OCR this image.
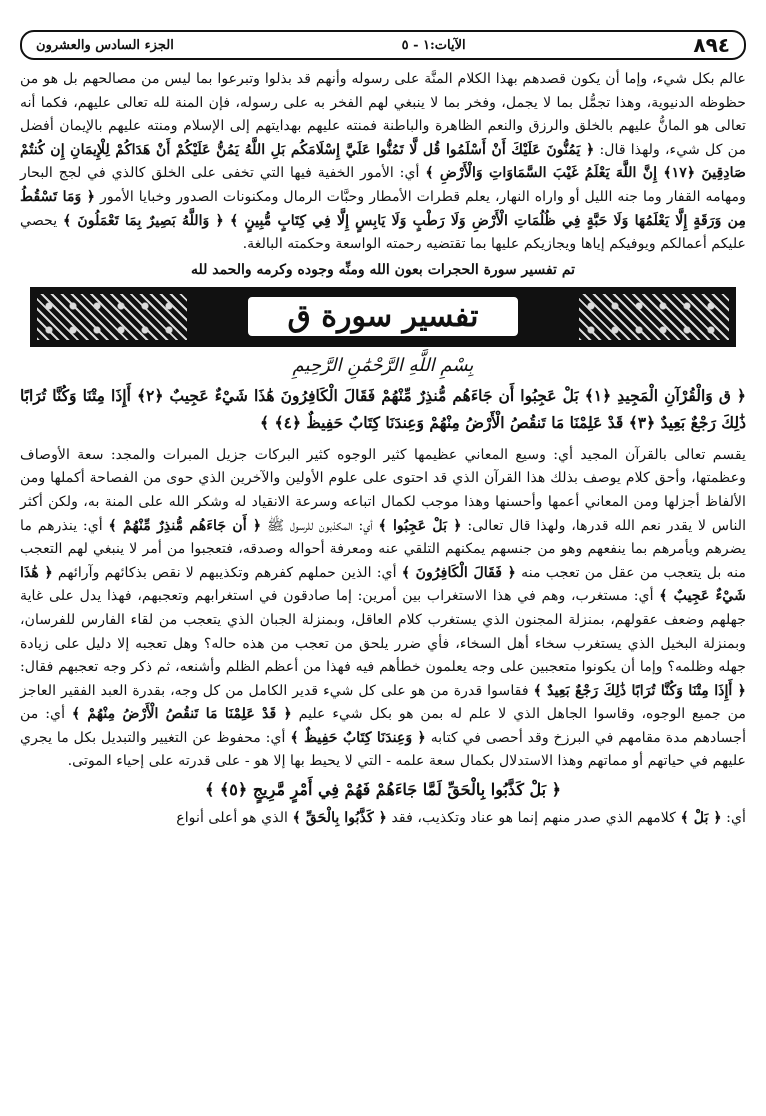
٨٩٤
الآيات:١ - ٥
الجزء السادس والعشرون

عالم بكل شيء، وإما أن يكون قصدهم بهذا الكلام المنَّة على رسوله وأنهم قد بذلوا وتبرعوا بما ليس من مصالحهم بل هو من حظوظه الدنيوية، وهذا تجمُّل بما لا يجمل، وفخر بما لا ينبغي لهم الفخر به على رسوله، فإن المنة لله تعالى عليهم، فكما أنه تعالى هو المانُّ عليهم بالخلق والرزق والنعم الظاهرة والباطنة فمنته عليهم بهدايتهم إلى الإسلام ومنته عليهم بالإيمان أفضل من كل شيء، ولهذا قال: ﴿ يَمُنُّونَ عَلَيْكَ أَنْ أَسْلَمُوا قُل لَّا تَمُنُّوا عَلَيَّ إِسْلَامَكُم بَلِ اللَّهُ يَمُنُّ عَلَيْكُمْ أَنْ هَدَاكُمْ لِلْإِيمَانِ إِن كُنتُمْ صَادِقِينَ ﴿١٧﴾ إِنَّ اللَّهَ يَعْلَمُ غَيْبَ السَّمَاوَاتِ وَالْأَرْضِ ﴾ أي: الأمور الخفية فيها التي تخفى على الخلق كالذي في لجج البحار ومهامه القفار وما جنه الليل أو واراه النهار، يعلم قطرات الأمطار وحبَّات الرمال ومكنونات الصدور وخبايا الأمور ﴿ وَمَا تَسْقُطُ مِن وَرَقَةٍ إِلَّا يَعْلَمُهَا وَلَا حَبَّةٍ فِي ظُلُمَاتِ الْأَرْضِ وَلَا رَطْبٍ وَلَا يَابِسٍ إِلَّا فِي كِتَابٍ مُّبِينٍ ﴾ ﴿ وَاللَّهُ بَصِيرٌ بِمَا تَعْمَلُونَ ﴾ يحصي عليكم أعمالكم ويوفيكم إياها ويجازيكم عليها بما تقتضيه رحمته الواسعة وحكمته البالغة.

تم تفسير سورة الحجرات بعون الله ومنِّه وجوده وكرمه والحمد لله
تفسير سورة ق
بِسْمِ اللَّهِ الرَّحْمَٰنِ الرَّحِيمِ
﴿ ق وَالْقُرْآنِ الْمَجِيدِ ﴿١﴾ بَلْ عَجِبُوا أَن جَاءَهُم مُّنذِرٌ مِّنْهُمْ فَقَالَ الْكَافِرُونَ هَٰذَا شَيْءٌ عَجِيبٌ ﴿٢﴾ أَإِذَا مِتْنَا وَكُنَّا تُرَابًا ذَٰلِكَ رَجْعٌ بَعِيدٌ ﴿٣﴾ قَدْ عَلِمْنَا مَا تَنقُصُ الْأَرْضُ مِنْهُمْ وَعِندَنَا كِتَابٌ حَفِيظٌ ﴿٤﴾ ﴾

يقسم تعالى بالقرآن المجيد أي: وسيع المعاني عظيمها كثير الوجوه كثير البركات جزيل المبرات والمجد: سعة الأوصاف وعظمتها، وأحق كلام يوصف بذلك هذا القرآن الذي قد احتوى على علوم الأولين والآخرين الذي حوى من الفصاحة أكملها ومن الألفاظ أجزلها ومن المعاني أعمها وأحسنها وهذا موجب لكمال اتباعه وسرعة الانقياد له وشكر الله على المنة به، ولكن أكثر الناس لا يقدر نعم الله قدرها، ولهذا قال تعالى: ﴿ بَلْ عَجِبُوا ﴾ أي: المكذبون للرسول ﷺ ﴿ أَن جَاءَهُم مُّنذِرٌ مِّنْهُمْ ﴾ أي: ينذرهم ما يضرهم ويأمرهم بما ينفعهم وهو من جنسهم يمكنهم التلقي عنه ومعرفة أحواله وصدقه، فتعجبوا من أمر لا ينبغي لهم التعجب منه بل يتعجب من عقل من تعجب منه ﴿ فَقَالَ الْكَافِرُونَ ﴾ أي: الذين حملهم كفرهم وتكذيبهم لا نقص بذكائهم وآرائهم ﴿ هَٰذَا شَيْءٌ عَجِيبٌ ﴾ أي: مستغرب، وهم في هذا الاستغراب بين أمرين: إما صادقون في استغرابهم وتعجبهم، فهذا يدل على غاية جهلهم وضعف عقولهم، بمنزلة المجنون الذي يستغرب كلام العاقل، وبمنزلة الجبان الذي يتعجب من لقاء الفارس للفرسان، وبمنزلة البخيل الذي يستغرب سخاء أهل السخاء، فأي ضرر يلحق من تعجب من هذه حاله؟ وهل تعجبه إلا دليل على زيادة جهله وظلمه؟ وإما أن يكونوا متعجبين على وجه يعلمون خطأهم فيه فهذا من أعظم الظلم وأشنعه، ثم ذكر وجه تعجبهم فقال: ﴿ أَإِذَا مِتْنَا وَكُنَّا تُرَابًا ذَٰلِكَ رَجْعٌ بَعِيدٌ ﴾ فقاسوا قدرة من هو على كل شيء قدير الكامل من كل وجه، بقدرة العبد الفقير العاجز من جميع الوجوه، وقاسوا الجاهل الذي لا علم له بمن هو بكل شيء عليم ﴿ قَدْ عَلِمْنَا مَا تَنقُصُ الْأَرْضُ مِنْهُمْ ﴾ أي: من أجسادهم مدة مقامهم في البرزخ وقد أحصى في كتابه ﴿ وَعِندَنَا كِتَابٌ حَفِيظٌ ﴾ أي: محفوظ عن التغيير والتبديل بكل ما يجري عليهم في حياتهم أو مماتهم وهذا الاستدلال بكمال سعة علمه - التي لا يحيط بها إلا هو - على قدرته على إحياء الموتى.

﴿ بَلْ كَذَّبُوا بِالْحَقِّ لَمَّا جَاءَهُمْ فَهُمْ فِي أَمْرٍ مَّرِيجٍ ﴿٥﴾ ﴾

أي: ﴿ بَلْ ﴾ كلامهم الذي صدر منهم إنما هو عناد وتكذيب، فقد ﴿ كَذَّبُوا بِالْحَقِّ ﴾ الذي هو أعلى أنواع
